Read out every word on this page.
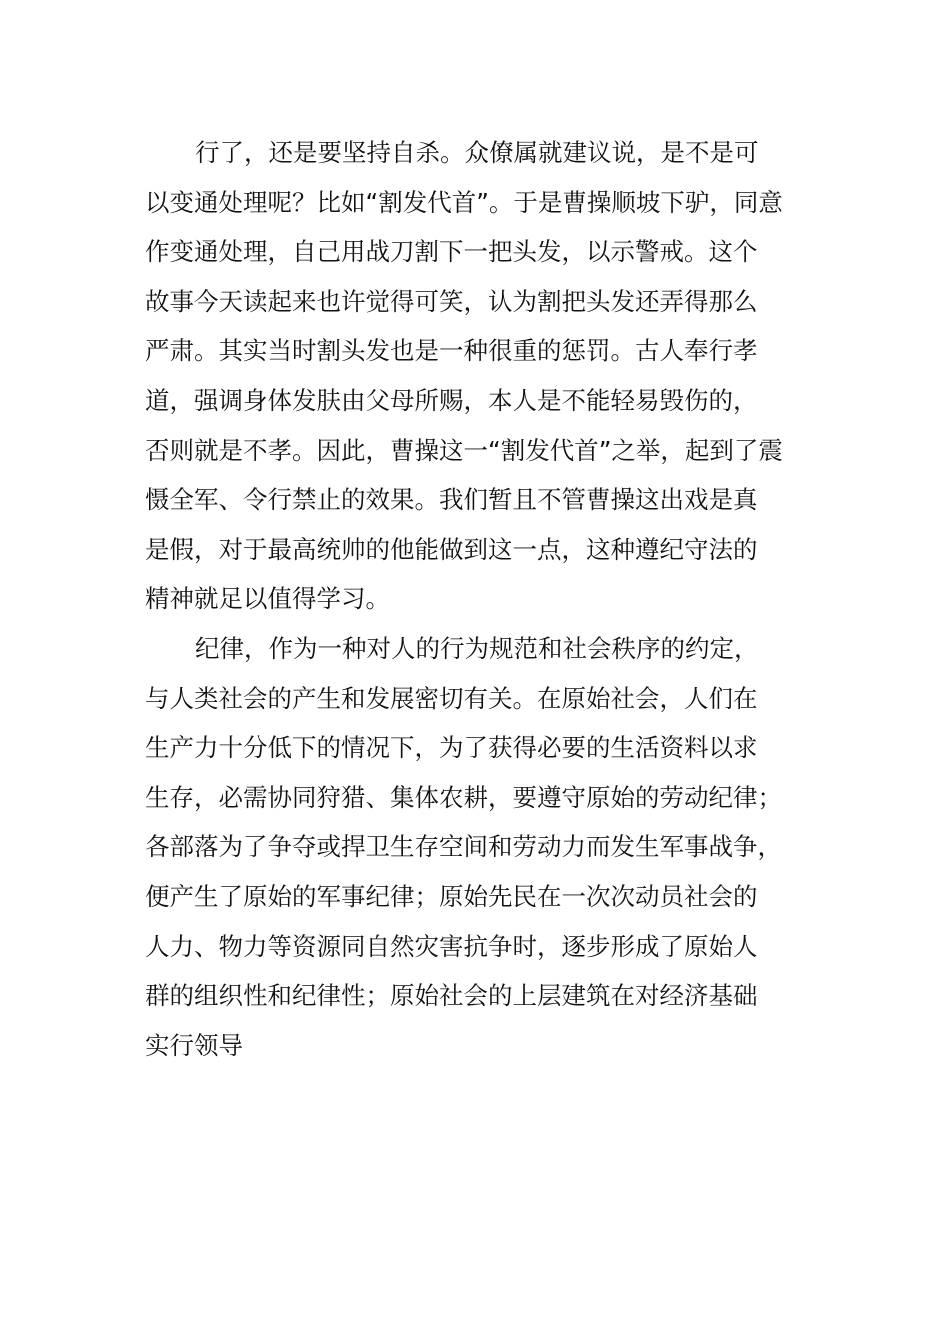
行了，还是要坚持自杀。众僚属就建议说，是不是可
以变通处理呢？比如“割发代首”。于是曹操顺坡下驴，同意
作变通处理，自己用战刀割下一把头发，以示警戒。这个
故事今天读起来也许觉得可笑，认为割把头发还弄得那么
严肃。其实当时割头发也是一种很重的惩罚。古人奉行孝
道，强调身体发肤由父母所赐，本人是不能轻易毁伤的，
否则就是不孝。因此，曹操这一“割发代首”之举，起到了震
慑全军、令行禁止的效果。我们暂且不管曹操这出戏是真
是假，对于最高统帅的他能做到这一点，这种遵纪守法的
精神就足以值得学习。
纪律，作为一种对人的行为规范和社会秩序的约定，
与人类社会的产生和发展密切有关。在原始社会，人们在
生产力十分低下的情况下，为了获得必要的生活资料以求
生存，必需协同狩猎、集体农耕，要遵守原始的劳动纪律；
各部落为了争夺或捍卫生存空间和劳动力而发生军事战争，
便产生了原始的军事纪律；原始先民在一次次动员社会的
人力、物力等资源同自然灾害抗争时，逐步形成了原始人
群的组织性和纪律性；原始社会的上层建筑在对经济基础
实行领导
